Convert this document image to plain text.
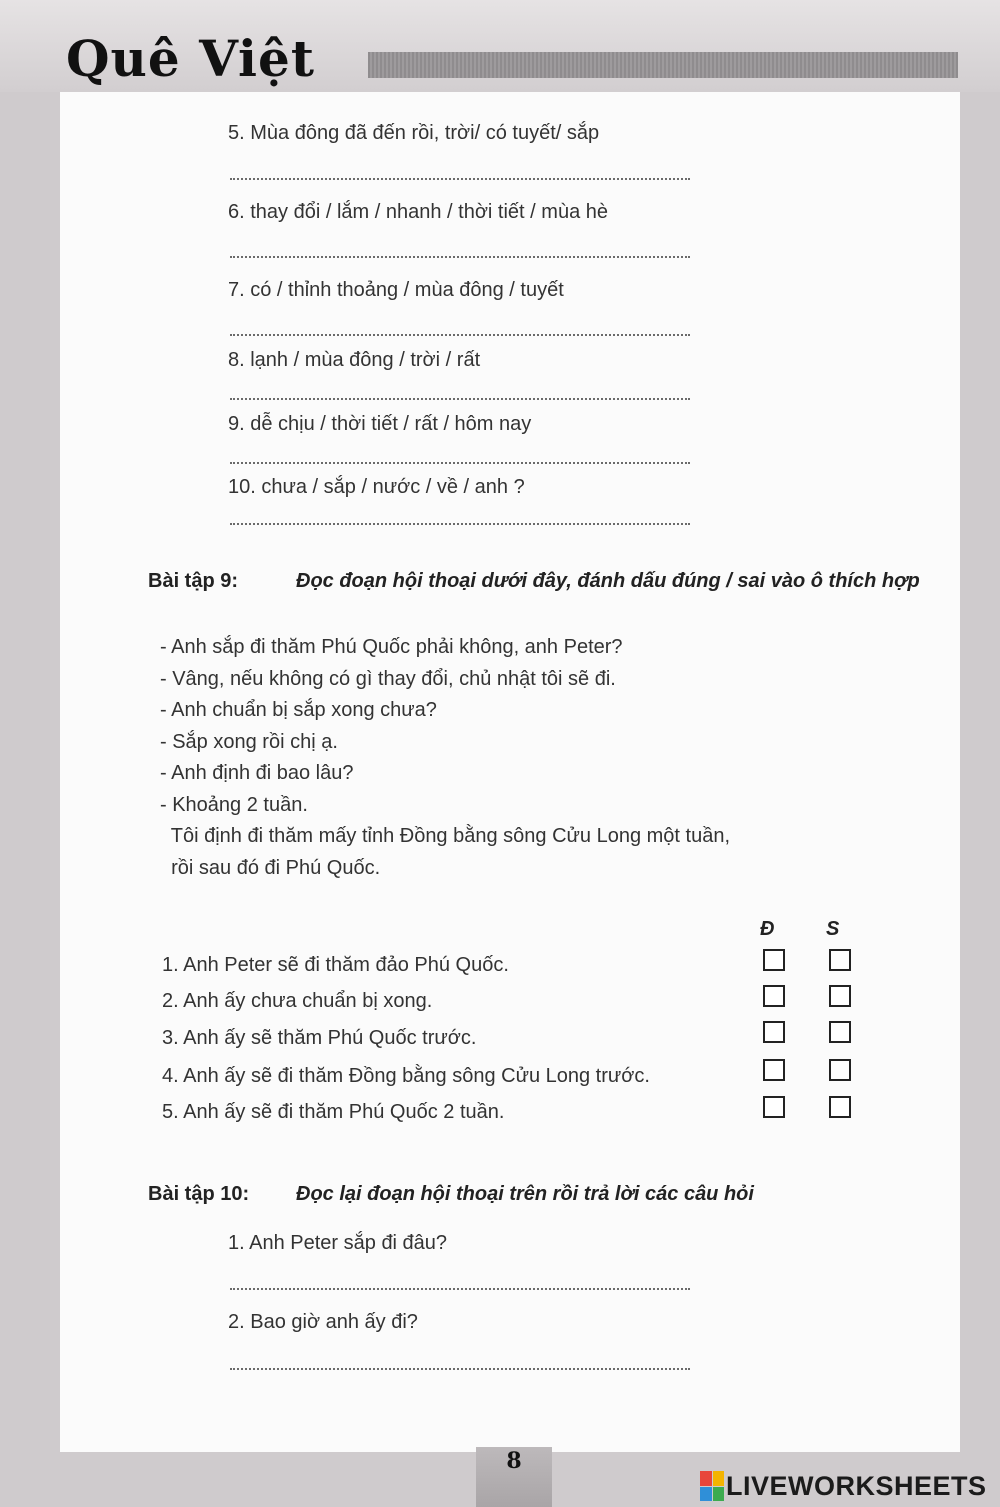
Quê Việt
5. Mùa đông đã đến rồi, trời/ có tuyết/ sắp
6. thay đổi / lắm / nhanh / thời tiết / mùa hè
7. có / thỉnh thoảng / mùa đông / tuyết
8. lạnh / mùa đông / trời / rất
9. dễ chịu / thời tiết / rất / hôm nay
10. chưa / sắp / nước / về / anh ?
Bài tập 9:	Đọc đoạn hội thoại dưới đây, đánh dấu đúng / sai vào ô thích hợp
- Anh sắp đi thăm Phú Quốc phải không, anh Peter?
- Vâng, nếu không có gì thay đổi, chủ nhật tôi sẽ đi.
- Anh chuẩn bị sắp xong chưa?
- Sắp xong rồi chị ạ.
- Anh định đi bao lâu?
- Khoảng 2 tuần.
Tôi định đi thăm mấy tỉnh Đồng bằng sông Cửu Long một tuần,
rồi sau đó đi Phú Quốc.
Đ	S
1. Anh Peter sẽ đi thăm đảo Phú Quốc.
2. Anh ấy chưa chuẩn bị xong.
3. Anh ấy sẽ thăm Phú Quốc trước.
4. Anh ấy sẽ đi thăm Đồng bằng sông Cửu Long trước.
5. Anh ấy sẽ đi thăm Phú Quốc 2 tuần.
Bài tập 10: Đọc lại đoạn hội thoại trên rồi trả lời các câu hỏi
1. Anh Peter sắp đi đâu?
2. Bao giờ anh ấy đi?
8
LIVEWORKSHEETS
